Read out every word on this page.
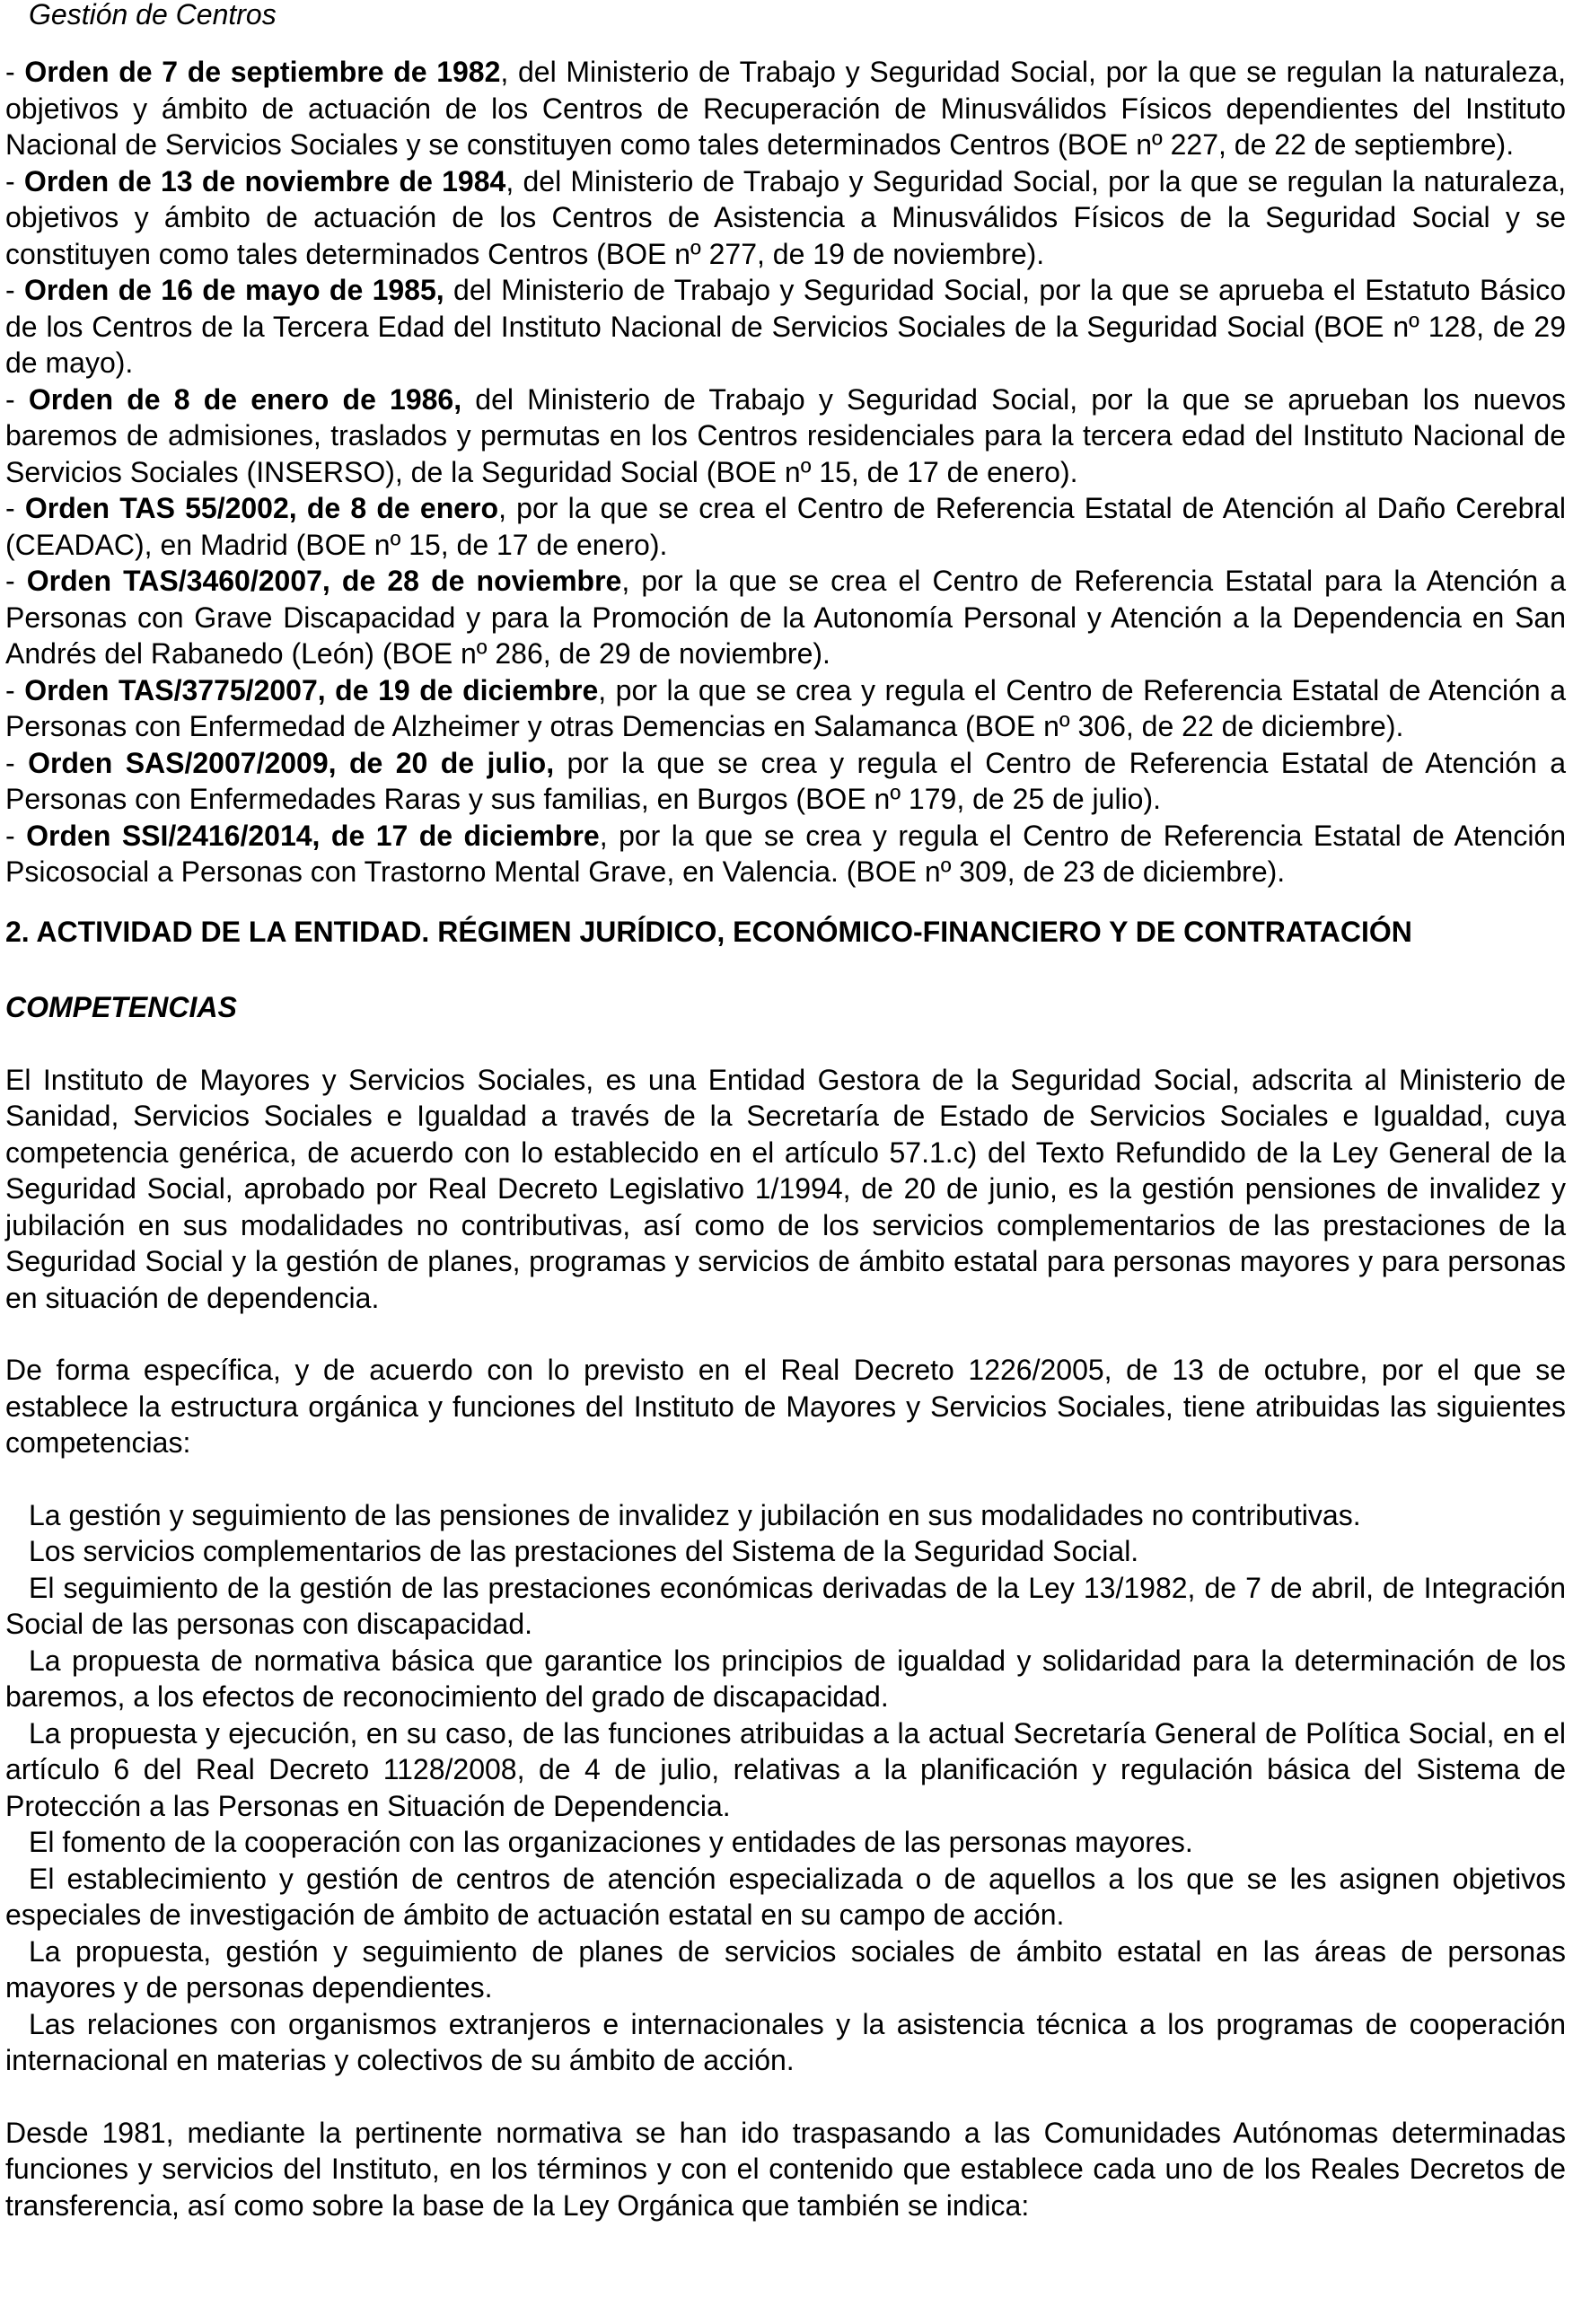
Gestión de Centros

- Orden de 7 de septiembre de 1982, del Ministerio de Trabajo y Seguridad Social, por la que se regulan la naturaleza, objetivos y ámbito de actuación de los Centros de Recuperación de Minusválidos Físicos dependientes del Instituto Nacional de Servicios Sociales y se constituyen como tales determinados Centros (BOE nº 227, de 22 de septiembre).

- Orden de 13 de noviembre de 1984, del Ministerio de Trabajo y Seguridad Social, por la que se regulan la naturaleza, objetivos y ámbito de actuación de los Centros de Asistencia a Minusválidos Físicos de la Seguridad Social y se constituyen como tales determinados Centros (BOE nº 277, de 19 de noviembre).

- Orden de 16 de mayo de 1985, del Ministerio de Trabajo y Seguridad Social, por la que se aprueba el Estatuto Básico de los Centros de la Tercera Edad del Instituto Nacional de Servicios Sociales de la Seguridad Social (BOE nº 128, de 29 de mayo).

- Orden de 8 de enero de 1986, del Ministerio de Trabajo y Seguridad Social, por la que se aprueban los nuevos baremos de admisiones, traslados y permutas en los Centros residenciales para la tercera edad del Instituto Nacional de Servicios Sociales (INSERSO), de la Seguridad Social (BOE nº 15, de 17 de enero).

- Orden TAS 55/2002, de 8 de enero, por la que se crea el Centro de Referencia Estatal de Atención al Daño Cerebral (CEADAC), en Madrid (BOE nº 15, de 17 de enero).

- Orden TAS/3460/2007, de 28 de noviembre, por la que se crea el Centro de Referencia Estatal para la Atención a Personas con Grave Discapacidad y para la Promoción de la Autonomía Personal y Atención a la Dependencia en San Andrés del Rabanedo (León) (BOE nº 286, de 29 de noviembre).

- Orden TAS/3775/2007, de 19 de diciembre, por la que se crea y regula el Centro de Referencia Estatal de Atención a Personas con Enfermedad de Alzheimer y otras Demencias en Salamanca (BOE nº 306, de 22 de diciembre).

- Orden SAS/2007/2009, de 20 de julio, por la que se crea y regula el Centro de Referencia Estatal de Atención a Personas con Enfermedades Raras y sus familias, en Burgos (BOE nº 179, de 25 de julio).

- Orden SSI/2416/2014, de 17 de diciembre, por la que se crea y regula el Centro de Referencia Estatal de Atención Psicosocial a Personas con Trastorno Mental Grave, en Valencia. (BOE nº 309, de 23 de diciembre).

2. ACTIVIDAD DE LA ENTIDAD. RÉGIMEN JURÍDICO, ECONÓMICO-FINANCIERO Y DE CONTRATACIÓN

COMPETENCIAS

El Instituto de Mayores y Servicios Sociales, es una Entidad Gestora de la Seguridad Social, adscrita al Ministerio de Sanidad, Servicios Sociales e Igualdad a través de la Secretaría de Estado de Servicios Sociales e Igualdad, cuya competencia genérica, de acuerdo con lo establecido en el artículo 57.1.c) del Texto Refundido de la Ley General de la Seguridad Social, aprobado por Real Decreto Legislativo 1/1994, de 20 de junio, es la gestión pensiones de invalidez y jubilación en sus modalidades no contributivas, así como de los servicios complementarios de las prestaciones de la Seguridad Social y la gestión de planes, programas y servicios de ámbito estatal para personas mayores y para personas en situación de dependencia.

De forma específica, y de acuerdo con lo previsto en el Real Decreto 1226/2005, de 13 de octubre, por el que se establece la estructura orgánica y funciones del Instituto de Mayores y Servicios Sociales, tiene atribuidas las siguientes competencias:

La gestión y seguimiento de las pensiones de invalidez y jubilación en sus modalidades no contributivas.

Los servicios complementarios de las prestaciones del Sistema de la Seguridad Social.

El seguimiento de la gestión de las prestaciones económicas derivadas de la Ley 13/1982, de 7 de abril, de Integración Social de las personas con discapacidad.

La propuesta de normativa básica que garantice los principios de igualdad y solidaridad para la determinación de los baremos, a los efectos de reconocimiento del grado de discapacidad.

La propuesta y ejecución, en su caso, de las funciones atribuidas a la actual Secretaría General de Política Social, en el artículo 6 del Real Decreto 1128/2008, de 4 de julio, relativas a la planificación y regulación básica del Sistema de Protección a las Personas en Situación de Dependencia.

El fomento de la cooperación con las organizaciones y entidades de las personas mayores.

El establecimiento y gestión de centros de atención especializada o de aquellos a los que se les asignen objetivos especiales de investigación de ámbito de actuación estatal en su campo de acción.

La propuesta, gestión y seguimiento de planes de servicios sociales de ámbito estatal en las áreas de personas mayores y de personas dependientes.

Las relaciones con organismos extranjeros e internacionales y la asistencia técnica a los programas de cooperación internacional en materias y colectivos de su ámbito de acción.

Desde 1981, mediante la pertinente normativa se han ido traspasando a las Comunidades Autónomas determinadas funciones y servicios del Instituto, en los términos y con el contenido que establece cada uno de los Reales Decretos de transferencia, así como sobre la base de la Ley Orgánica que también se indica:
